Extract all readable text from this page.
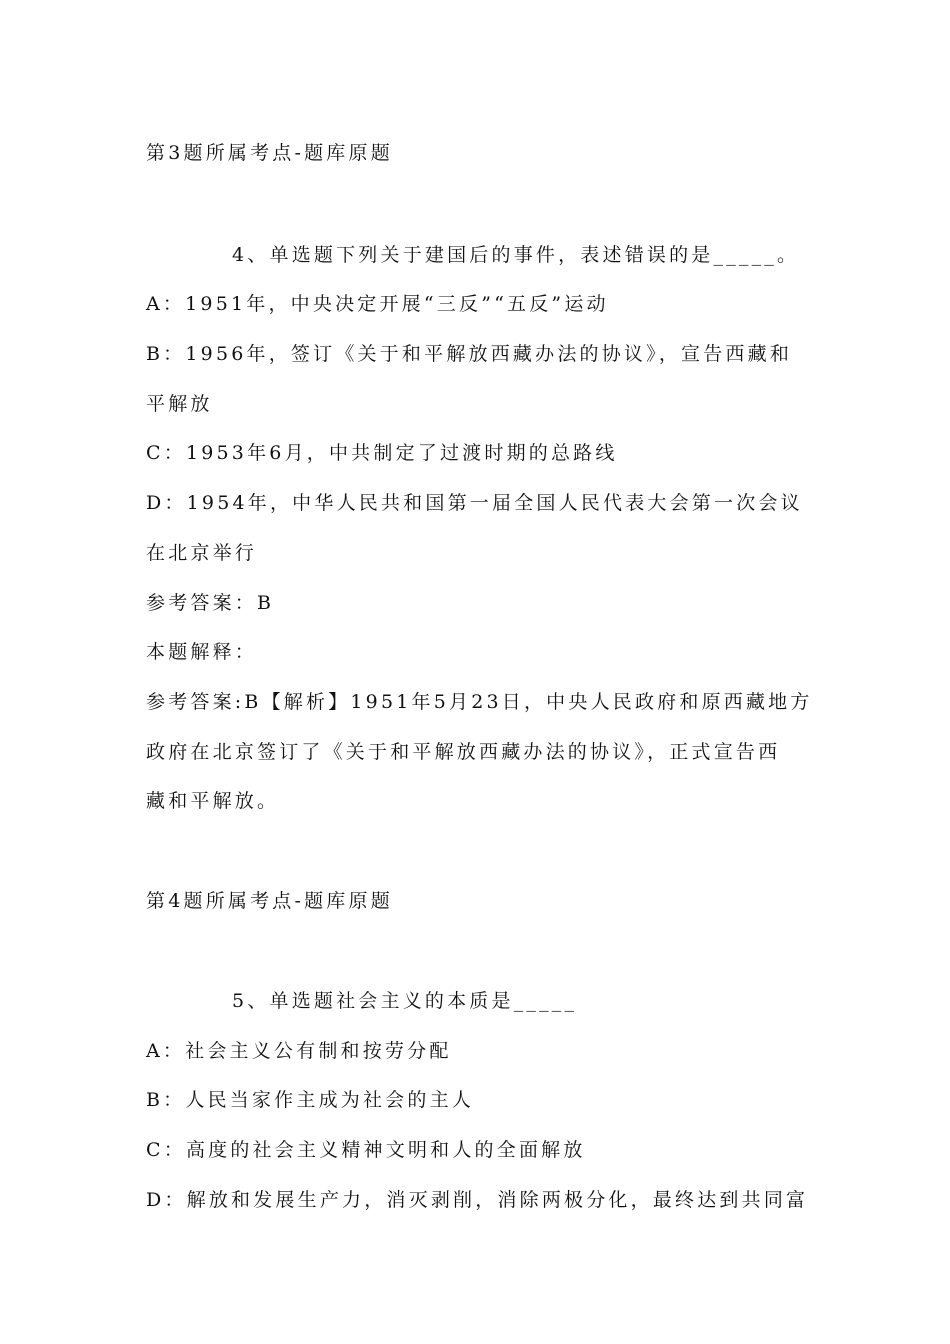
第3题所属考点-题库原题
4、单选题下列关于建国后的事件，表述错误的是_____。
A：1951年，中央决定开展“三反”“五反”运动
B：1956年，签订《关于和平解放西藏办法的协议》，宣告西藏和
平解放
C：1953年6月，中共制定了过渡时期的总路线
D：1954年，中华人民共和国第一届全国人民代表大会第一次会议
在北京举行
参考答案：B
本题解释：
参考答案:B【解析】1951年5月23日，中央人民政府和原西藏地方
政府在北京签订了《关于和平解放西藏办法的协议》，正式宣告西
藏和平解放。
第4题所属考点-题库原题
5、单选题社会主义的本质是_____
A：社会主义公有制和按劳分配
B：人民当家作主成为社会的主人
C：高度的社会主义精神文明和人的全面解放
D：解放和发展生产力，消灭剥削，消除两极分化，最终达到共同富
